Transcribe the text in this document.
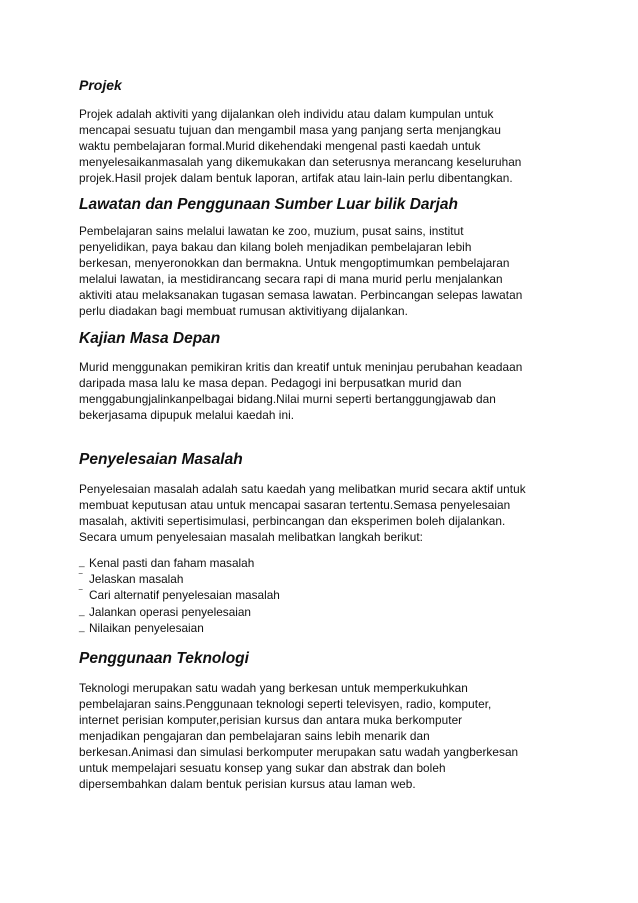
Projek

Projek adalah aktiviti yang dijalankan oleh individu atau dalam kumpulan untuk
mencapai sesuatu tujuan dan mengambil masa yang panjang serta menjangkau
waktu pembelajaran formal.Murid dikehendaki mengenal pasti kaedah untuk
menyelesaikanmasalah yang dikemukakan dan seterusnya merancang keseluruhan
projek.Hasil projek dalam bentuk laporan, artifak atau lain-lain perlu dibentangkan.

Lawatan dan Penggunaan Sumber Luar bilik Darjah

Pembelajaran sains melalui lawatan ke zoo, muzium, pusat sains, institut
penyelidikan, paya bakau dan kilang boleh menjadikan pembelajaran lebih
berkesan, menyeronokkan dan bermakna. Untuk mengoptimumkan pembelajaran
melalui lawatan, ia mestidirancang secara rapi di mana murid perlu menjalankan
aktiviti atau melaksanakan tugasan semasa lawatan. Perbincangan selepas lawatan
perlu diadakan bagi membuat rumusan aktivitiyang dijalankan.

Kajian Masa Depan

Murid menggunakan pemikiran kritis dan kreatif untuk meninjau perubahan keadaan
daripada masa lalu ke masa depan. Pedagogi ini berpusatkan murid dan
menggabungjalinkanpelbagai bidang.Nilai murni seperti bertanggungjawab dan
bekerjasama dipupuk melalui kaedah ini.

Penyelesaian Masalah

Penyelesaian masalah adalah satu kaedah yang melibatkan murid secara aktif untuk
membuat keputusan atau untuk mencapai sasaran tertentu.Semasa penyelesaian
masalah, aktiviti sepertisimulasi, perbincangan dan eksperimen boleh dijalankan.
Secara umum penyelesaian masalah melibatkan langkah berikut:

_ Kenal pasti dan faham masalah
‾ Jelaskan masalah
‾ Cari alternatif penyelesaian masalah
_ Jalankan operasi penyelesaian
_ Nilaikan penyelesaian
Penggunaan Teknologi

Teknologi merupakan satu wadah yang berkesan untuk memperkukuhkan
pembelajaran sains.Penggunaan teknologi seperti televisyen, radio, komputer,
internet perisian komputer,perisian kursus dan antara muka berkomputer
menjadikan pengajaran dan pembelajaran sains lebih menarik dan
berkesan.Animasi dan simulasi berkomputer merupakan satu wadah yangberkesan
untuk mempelajari sesuatu konsep yang sukar dan abstrak dan boleh
dipersembahkan dalam bentuk perisian kursus atau laman web.
